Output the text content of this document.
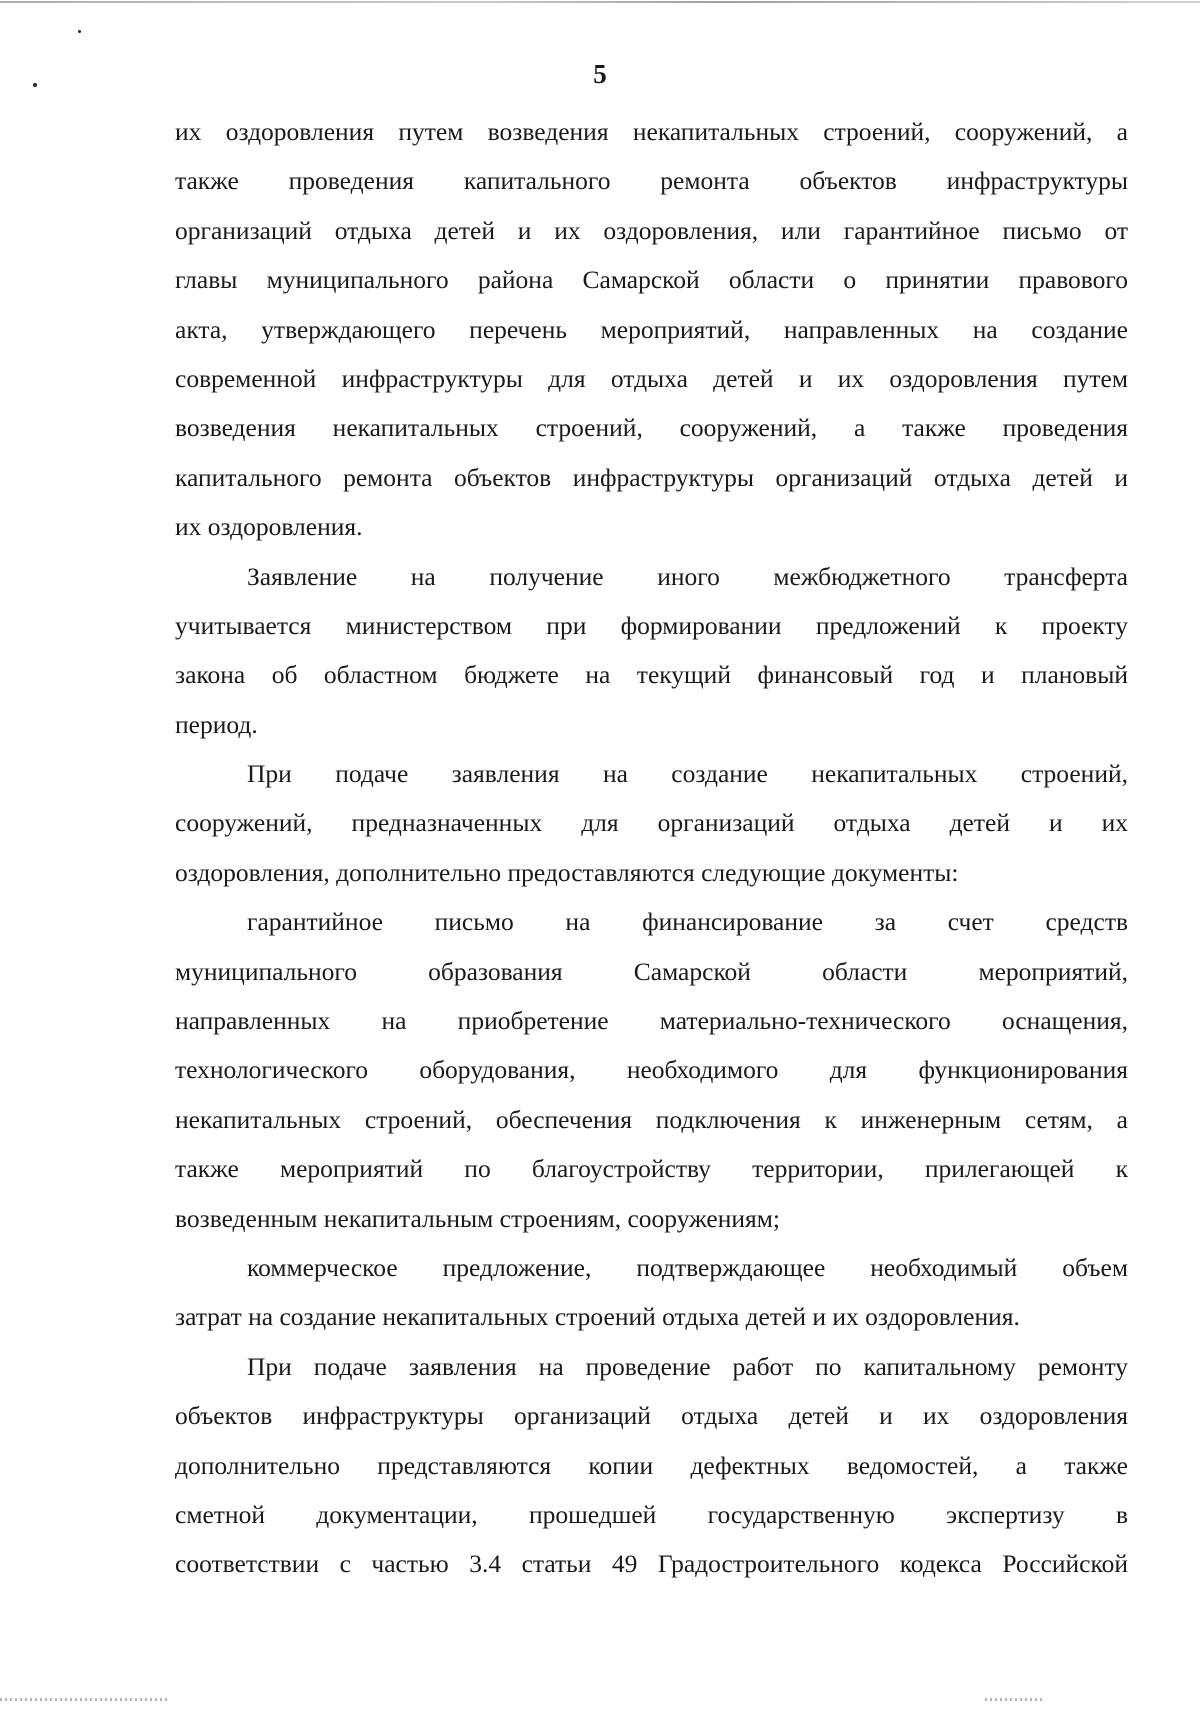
5
их оздоровления путем возведения некапитальных строений, сооружений, а
также проведения капитального ремонта объектов инфраструктуры
организаций отдыха детей и их оздоровления, или гарантийное письмо от
главы муниципального района Самарской области о принятии правового
акта, утверждающего перечень мероприятий, направленных на создание
современной инфраструктуры для отдыха детей и их оздоровления путем
возведения некапитальных строений, сооружений, а также проведения
капитального ремонта объектов инфраструктуры организаций отдыха детей и
их оздоровления.
Заявление на получение иного межбюджетного трансферта
учитывается министерством при формировании предложений к проекту
закона об областном бюджете на текущий финансовый год и плановый
период.
При подаче заявления на создание некапитальных строений,
сооружений, предназначенных для организаций отдыха детей и их
оздоровления, дополнительно предоставляются следующие документы:
гарантийное письмо на финансирование за счет средств
муниципального образования Самарской области мероприятий,
направленных на приобретение материально-технического оснащения,
технологического оборудования, необходимого для функционирования
некапитальных строений, обеспечения подключения к инженерным сетям, а
также мероприятий по благоустройству территории, прилегающей к
возведенным некапитальным строениям, сооружениям;
коммерческое предложение, подтверждающее необходимый объем
затрат на создание некапитальных строений отдыха детей и их оздоровления.
При подаче заявления на проведение работ по капитальному ремонту
объектов инфраструктуры организаций отдыха детей и их оздоровления
дополнительно представляются копии дефектных ведомостей, а также
сметной документации, прошедшей государственную экспертизу в
соответствии с частью 3.4 статьи 49 Градостроительного кодекса Российской
